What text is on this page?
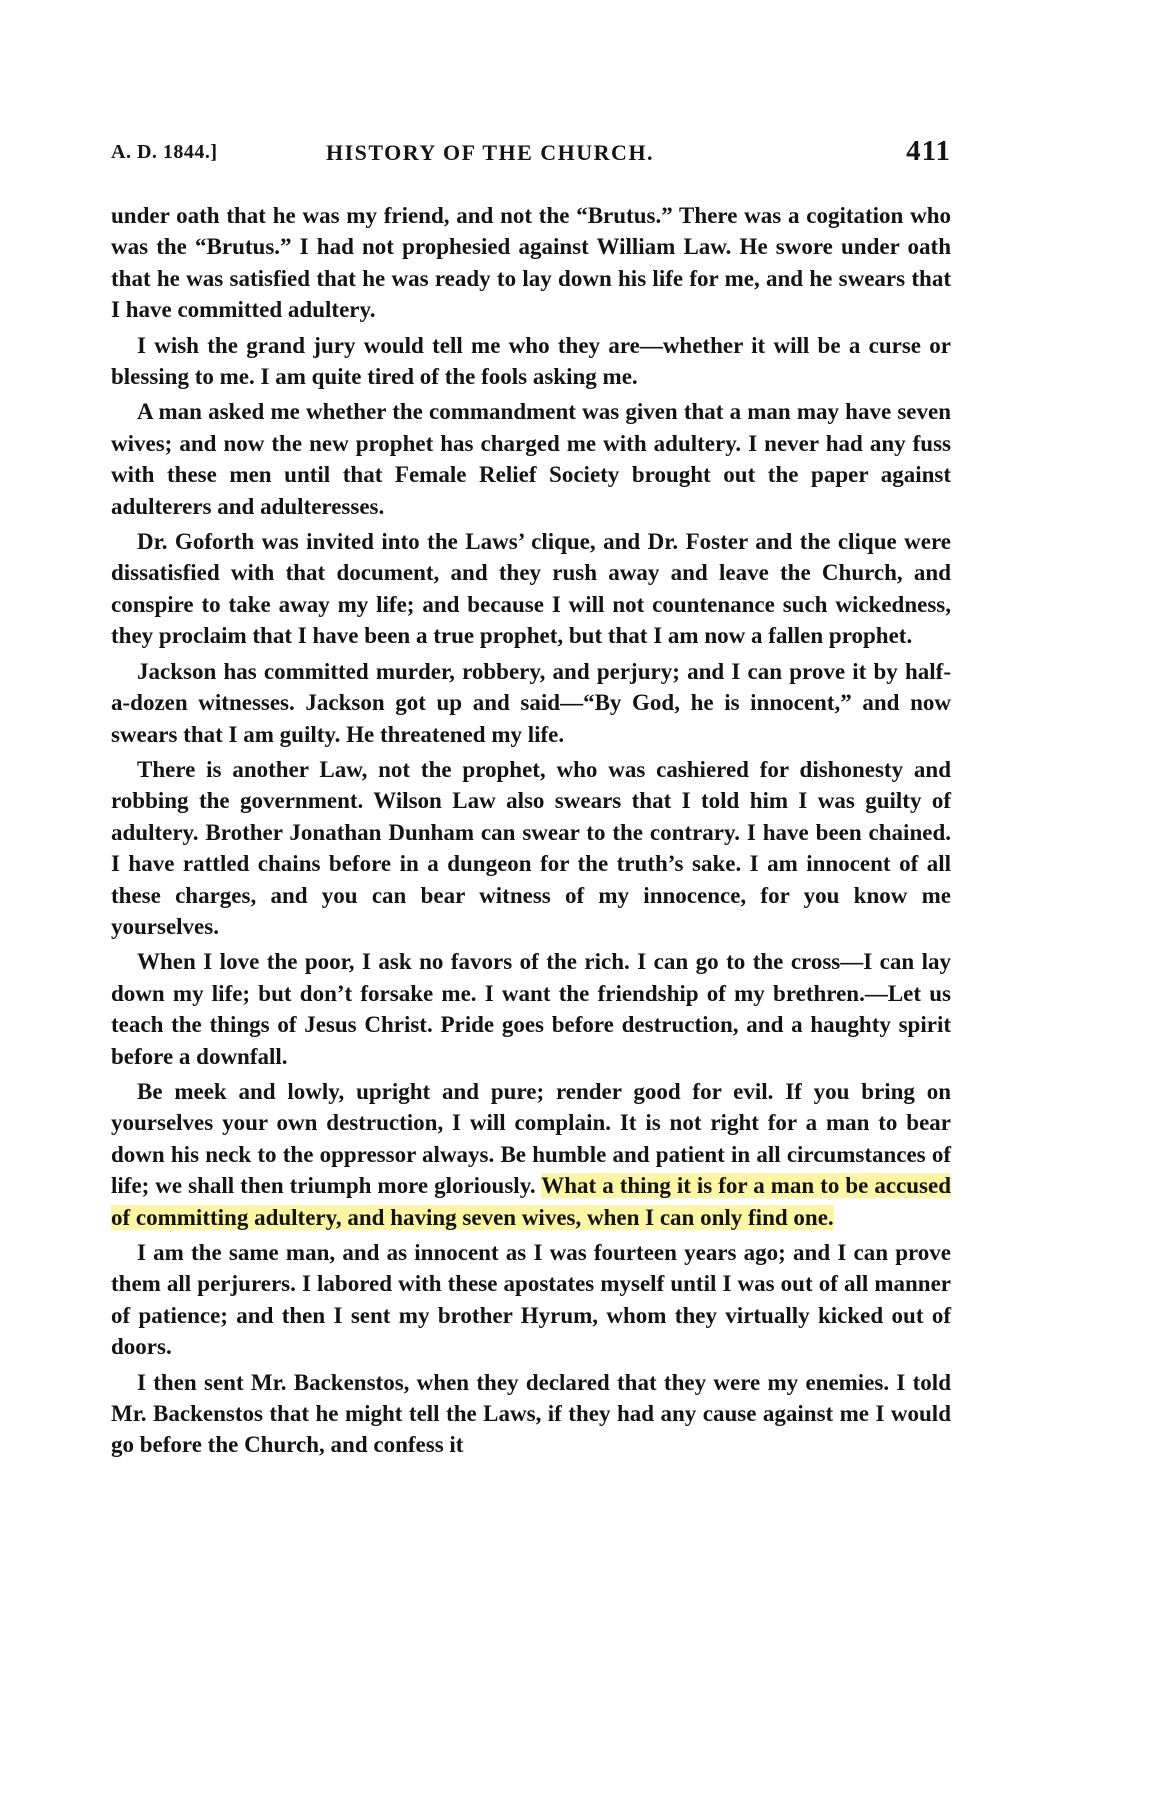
A. D. 1844.]	HISTORY OF THE CHURCH.	411

under oath that he was my friend, and not the “Brutus.” There was a cogitation who was the “Brutus.” I had not prophesied against William Law. He swore under oath that he was satisfied that he was ready to lay down his life for me, and he swears that I have committed adultery.

I wish the grand jury would tell me who they are—whether it will be a curse or blessing to me. I am quite tired of the fools asking me.

A man asked me whether the commandment was given that a man may have seven wives; and now the new prophet has charged me with adultery. I never had any fuss with these men until that Female Relief Society brought out the paper against adulterers and adulteresses.

Dr. Goforth was invited into the Laws’ clique, and Dr. Foster and the clique were dissatisfied with that document, and they rush away and leave the Church, and conspire to take away my life; and because I will not countenance such wickedness, they proclaim that I have been a true prophet, but that I am now a fallen prophet.

Jackson has committed murder, robbery, and perjury; and I can prove it by half-a-dozen witnesses. Jackson got up and said—“By God, he is innocent,” and now swears that I am guilty. He threatened my life.

There is another Law, not the prophet, who was cashiered for dishonesty and robbing the government. Wilson Law also swears that I told him I was guilty of adultery. Brother Jonathan Dunham can swear to the contrary. I have been chained. I have rattled chains before in a dungeon for the truth’s sake. I am innocent of all these charges, and you can bear witness of my innocence, for you know me yourselves.

When I love the poor, I ask no favors of the rich. I can go to the cross—I can lay down my life; but don’t forsake me. I want the friendship of my brethren.—Let us teach the things of Jesus Christ. Pride goes before destruction, and a haughty spirit before a downfall.

Be meek and lowly, upright and pure; render good for evil. If you bring on yourselves your own destruction, I will complain. It is not right for a man to bear down his neck to the oppressor always. Be humble and patient in all circumstances of life; we shall then triumph more gloriously. What a thing it is for a man to be accused of committing adultery, and having seven wives, when I can only find one.

I am the same man, and as innocent as I was fourteen years ago; and I can prove them all perjurers. I labored with these apostates myself until I was out of all manner of patience; and then I sent my brother Hyrum, whom they virtually kicked out of doors.

I then sent Mr. Backenstos, when they declared that they were my enemies. I told Mr. Backenstos that he might tell the Laws, if they had any cause against me I would go before the Church, and confess it
